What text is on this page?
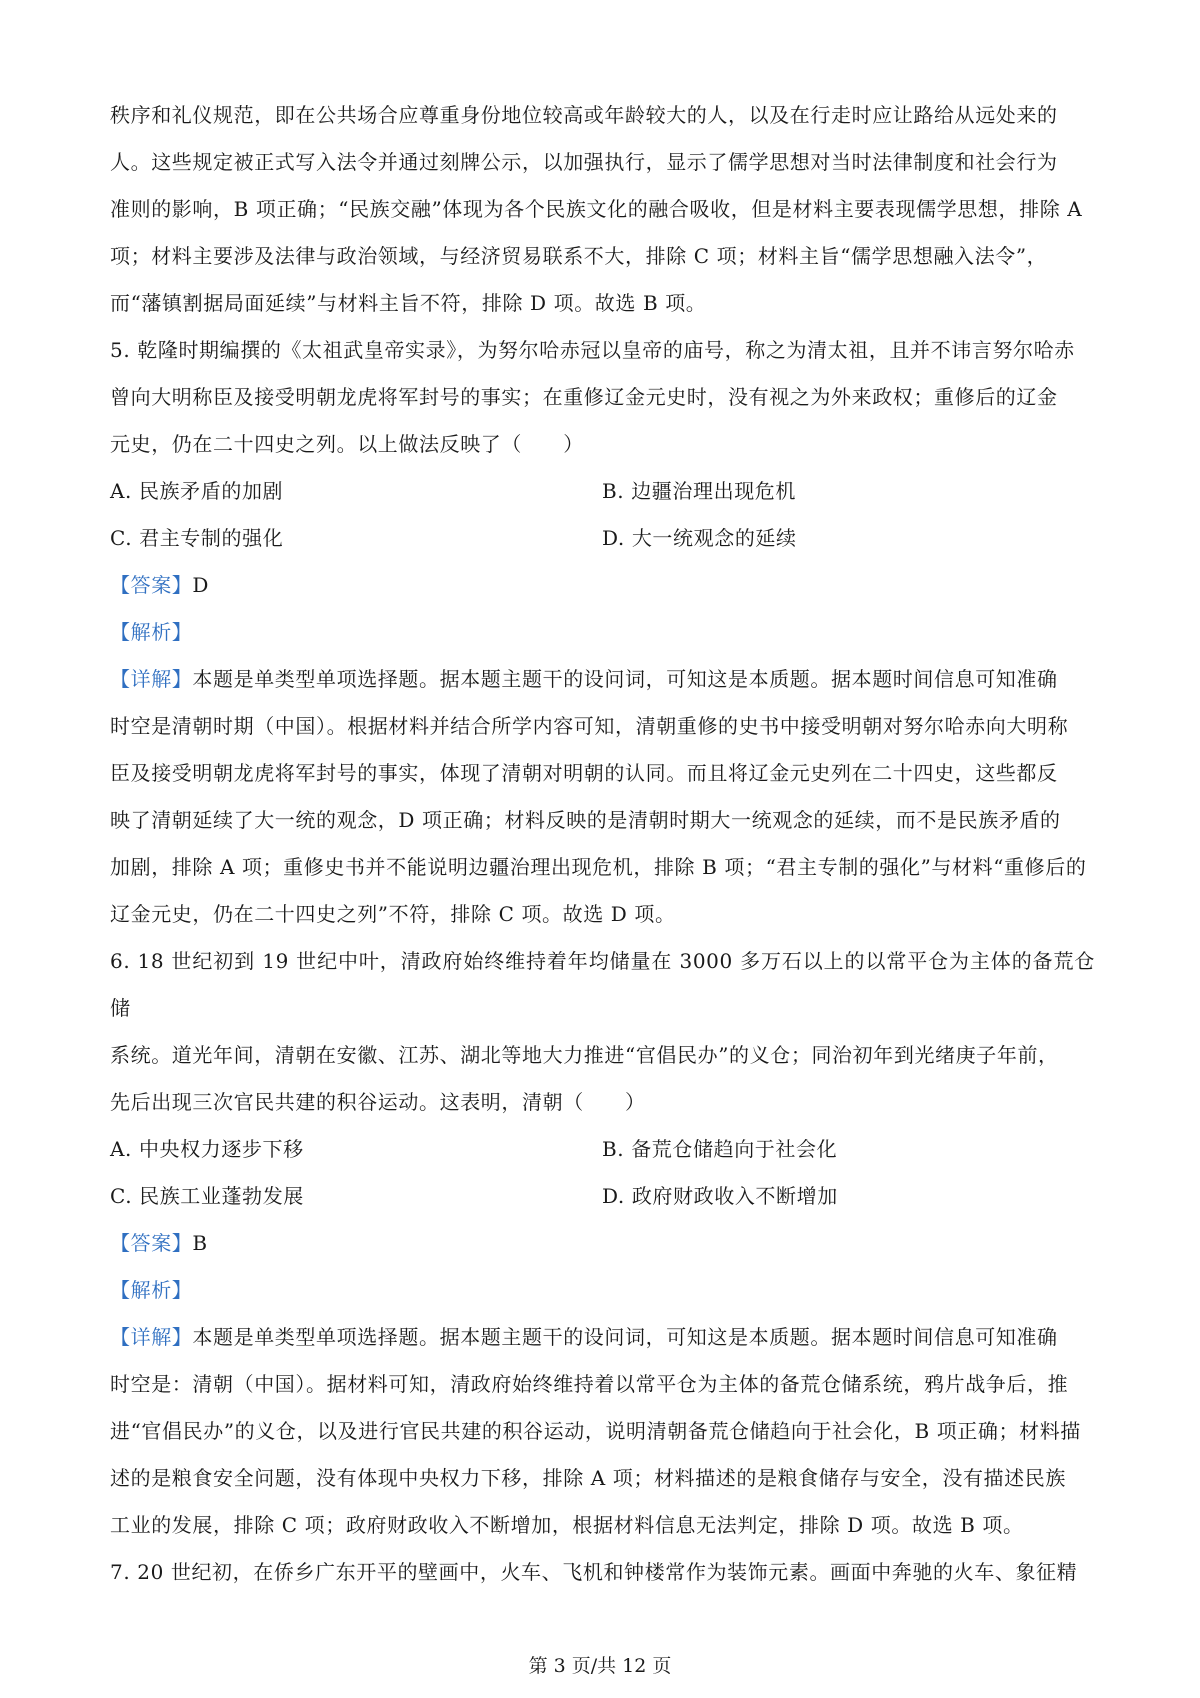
秩序和礼仪规范，即在公共场合应尊重身份地位较高或年龄较大的人，以及在行走时应让路给从远处来的

人。这些规定被正式写入法令并通过刻牌公示，以加强执行，显示了儒学思想对当时法律制度和社会行为

准则的影响，B 项正确；“民族交融”体现为各个民族文化的融合吸收，但是材料主要表现儒学思想，排除 A

项；材料主要涉及法律与政治领域，与经济贸易联系不大，排除 C 项；材料主旨“儒学思想融入法令”，

而“藩镇割据局面延续”与材料主旨不符，排除 D 项。故选 B 项。

5. 乾隆时期编撰的《太祖武皇帝实录》，为努尔哈赤冠以皇帝的庙号，称之为清太祖，且并不讳言努尔哈赤

曾向大明称臣及接受明朝龙虎将军封号的事实；在重修辽金元史时，没有视之为外来政权；重修后的辽金

元史，仍在二十四史之列。以上做法反映了（　　）

A. 民族矛盾的加剧	B. 边疆治理出现危机
C. 君主专制的强化	D. 大一统观念的延续

【答案】D

【解析】

【详解】本题是单类型单项选择题。据本题主题干的设问词，可知这是本质题。据本题时间信息可知准确

时空是清朝时期（中国）。根据材料并结合所学内容可知，清朝重修的史书中接受明朝对努尔哈赤向大明称

臣及接受明朝龙虎将军封号的事实，体现了清朝对明朝的认同。而且将辽金元史列在二十四史，这些都反

映了清朝延续了大一统的观念，D 项正确；材料反映的是清朝时期大一统观念的延续，而不是民族矛盾的

加剧，排除 A 项；重修史书并不能说明边疆治理出现危机，排除 B 项；“君主专制的强化”与材料“重修后的

辽金元史，仍在二十四史之列”不符，排除 C 项。故选 D 项。

6. 18 世纪初到 19 世纪中叶，清政府始终维持着年均储量在 3000 多万石以上的以常平仓为主体的备荒仓储

系统。道光年间，清朝在安徽、江苏、湖北等地大力推进“官倡民办”的义仓；同治初年到光绪庚子年前，

先后出现三次官民共建的积谷运动。这表明，清朝（　　）

A. 中央权力逐步下移	B. 备荒仓储趋向于社会化
C. 民族工业蓬勃发展	D. 政府财政收入不断增加

【答案】B

【解析】

【详解】本题是单类型单项选择题。据本题主题干的设问词，可知这是本质题。据本题时间信息可知准确

时空是：清朝（中国）。据材料可知，清政府始终维持着以常平仓为主体的备荒仓储系统，鸦片战争后，推

进“官倡民办”的义仓，以及进行官民共建的积谷运动，说明清朝备荒仓储趋向于社会化，B 项正确；材料描

述的是粮食安全问题，没有体现中央权力下移，排除 A 项；材料描述的是粮食储存与安全，没有描述民族

工业的发展，排除 C 项；政府财政收入不断增加，根据材料信息无法判定，排除 D 项。故选 B 项。

7. 20 世纪初，在侨乡广东开平的壁画中，火车、飞机和钟楼常作为装饰元素。画面中奔驰的火车、象征精

第 3 页/共 12 页
